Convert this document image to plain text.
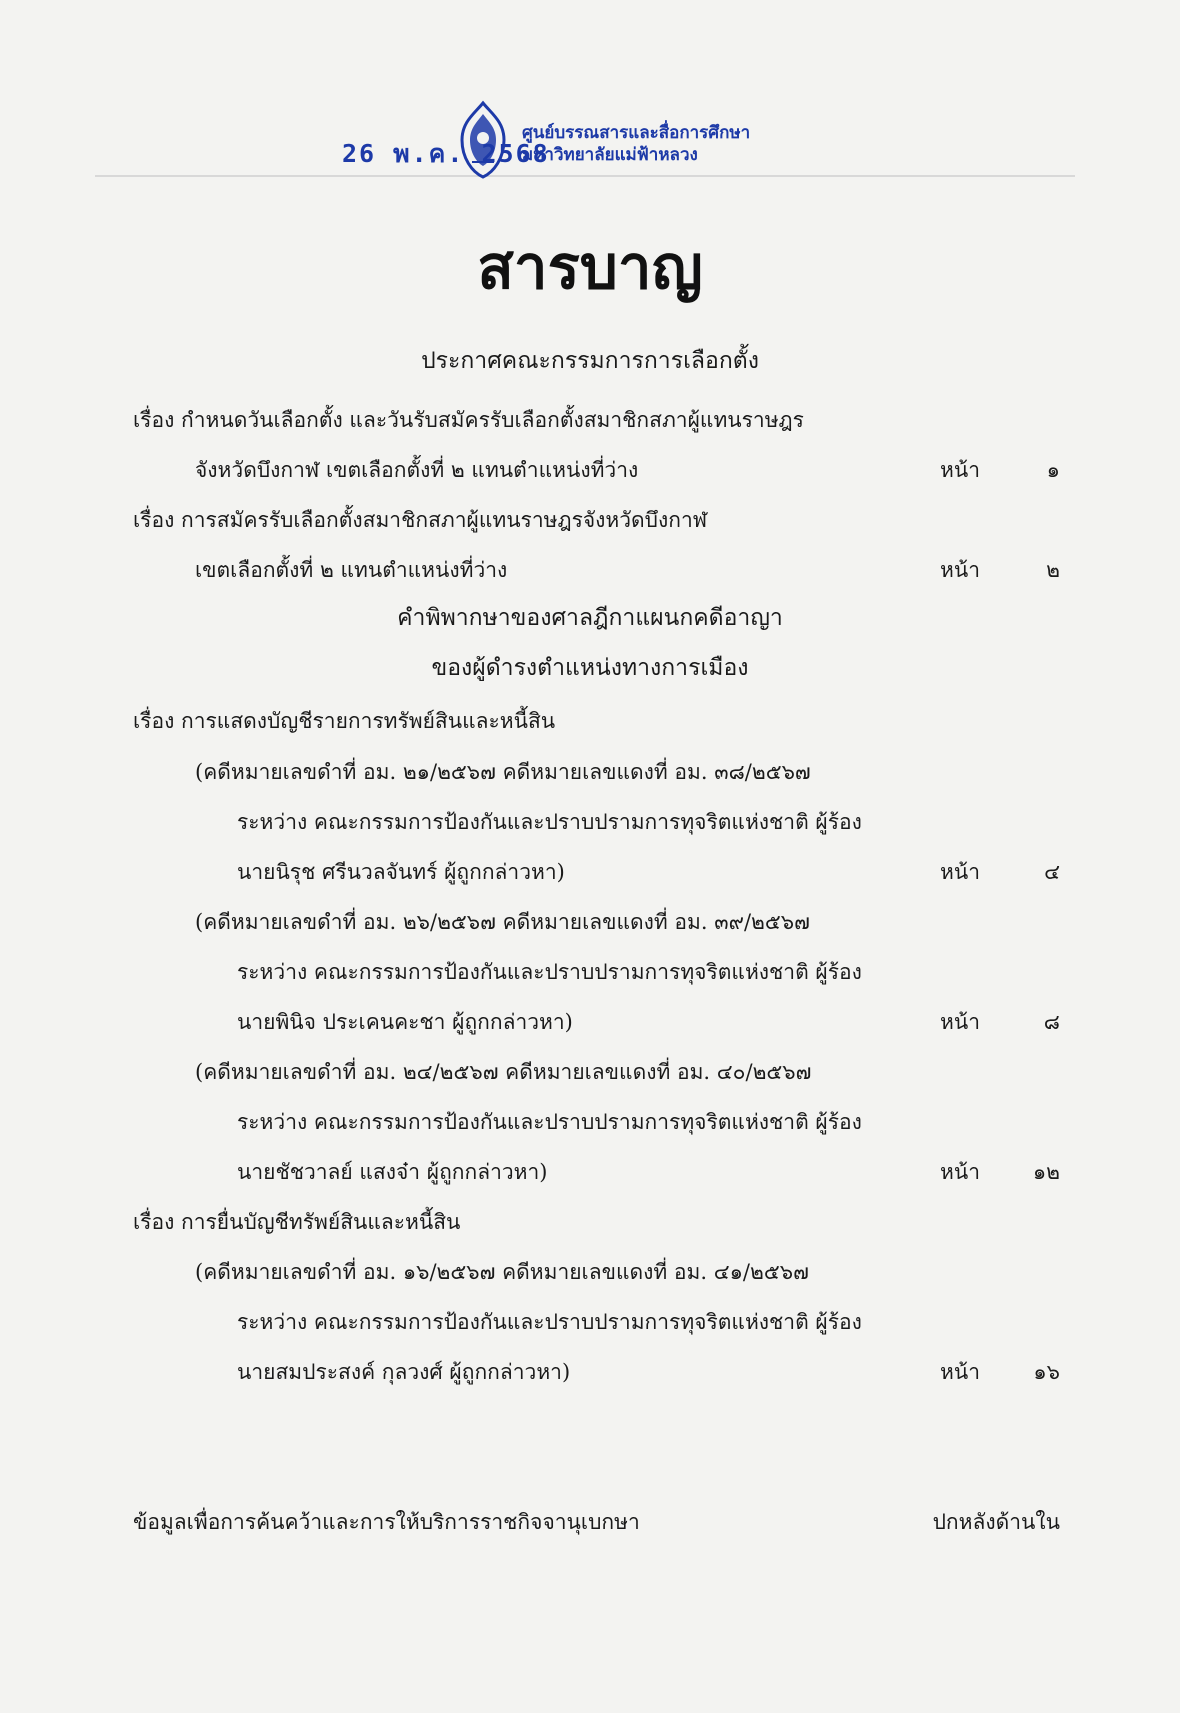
ศูนย์บรรณสารและสื่อการศึกษา
มหาวิทยาลัยแม่ฟ้าหลวง
26 พ.ค. 2568
สารบาญ
ประกาศคณะกรรมการการเลือกตั้ง
เรื่อง กำหนดวันเลือกตั้ง และวันรับสมัครรับเลือกตั้งสมาชิกสภาผู้แทนราษฎร
จังหวัดบึงกาฬ เขตเลือกตั้งที่ ๒ แทนตำแหน่งที่ว่าง	หน้า	๑
เรื่อง การสมัครรับเลือกตั้งสมาชิกสภาผู้แทนราษฎรจังหวัดบึงกาฬ
เขตเลือกตั้งที่ ๒ แทนตำแหน่งที่ว่าง	หน้า	๒
คำพิพากษาของศาลฎีกาแผนกคดีอาญา
ของผู้ดำรงตำแหน่งทางการเมือง
เรื่อง การแสดงบัญชีรายการทรัพย์สินและหนี้สิน
(คดีหมายเลขดำที่ อม. ๒๑/๒๕๖๗ คดีหมายเลขแดงที่ อม. ๓๘/๒๕๖๗
ระหว่าง คณะกรรมการป้องกันและปราบปรามการทุจริตแห่งชาติ ผู้ร้อง
นายนิรุช ศรีนวลจันทร์ ผู้ถูกกล่าวหา)	หน้า	๔
(คดีหมายเลขดำที่ อม. ๒๖/๒๕๖๗ คดีหมายเลขแดงที่ อม. ๓๙/๒๕๖๗
ระหว่าง คณะกรรมการป้องกันและปราบปรามการทุจริตแห่งชาติ ผู้ร้อง
นายพินิจ ประเคนคะชา ผู้ถูกกล่าวหา)	หน้า	๘
(คดีหมายเลขดำที่ อม. ๒๔/๒๕๖๗ คดีหมายเลขแดงที่ อม. ๔๐/๒๕๖๗
ระหว่าง คณะกรรมการป้องกันและปราบปรามการทุจริตแห่งชาติ ผู้ร้อง
นายชัชวาลย์ แสงจ๋า ผู้ถูกกล่าวหา)	หน้า	๑๒
เรื่อง การยื่นบัญชีทรัพย์สินและหนี้สิน
(คดีหมายเลขดำที่ อม. ๑๖/๒๕๖๗ คดีหมายเลขแดงที่ อม. ๔๑/๒๕๖๗
ระหว่าง คณะกรรมการป้องกันและปราบปรามการทุจริตแห่งชาติ ผู้ร้อง
นายสมประสงค์ กุลวงศ์ ผู้ถูกกล่าวหา)	หน้า	๑๖
ข้อมูลเพื่อการค้นคว้าและการให้บริการราชกิจจานุเบกษา	ปกหลังด้านใน
